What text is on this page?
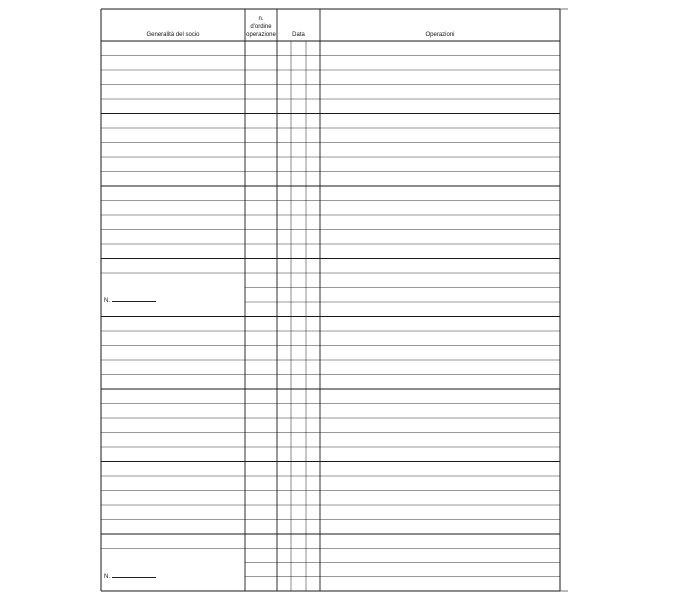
Generalità del socio
n.
d'ordine
operazione	Data	Operazioni
N.
N.
